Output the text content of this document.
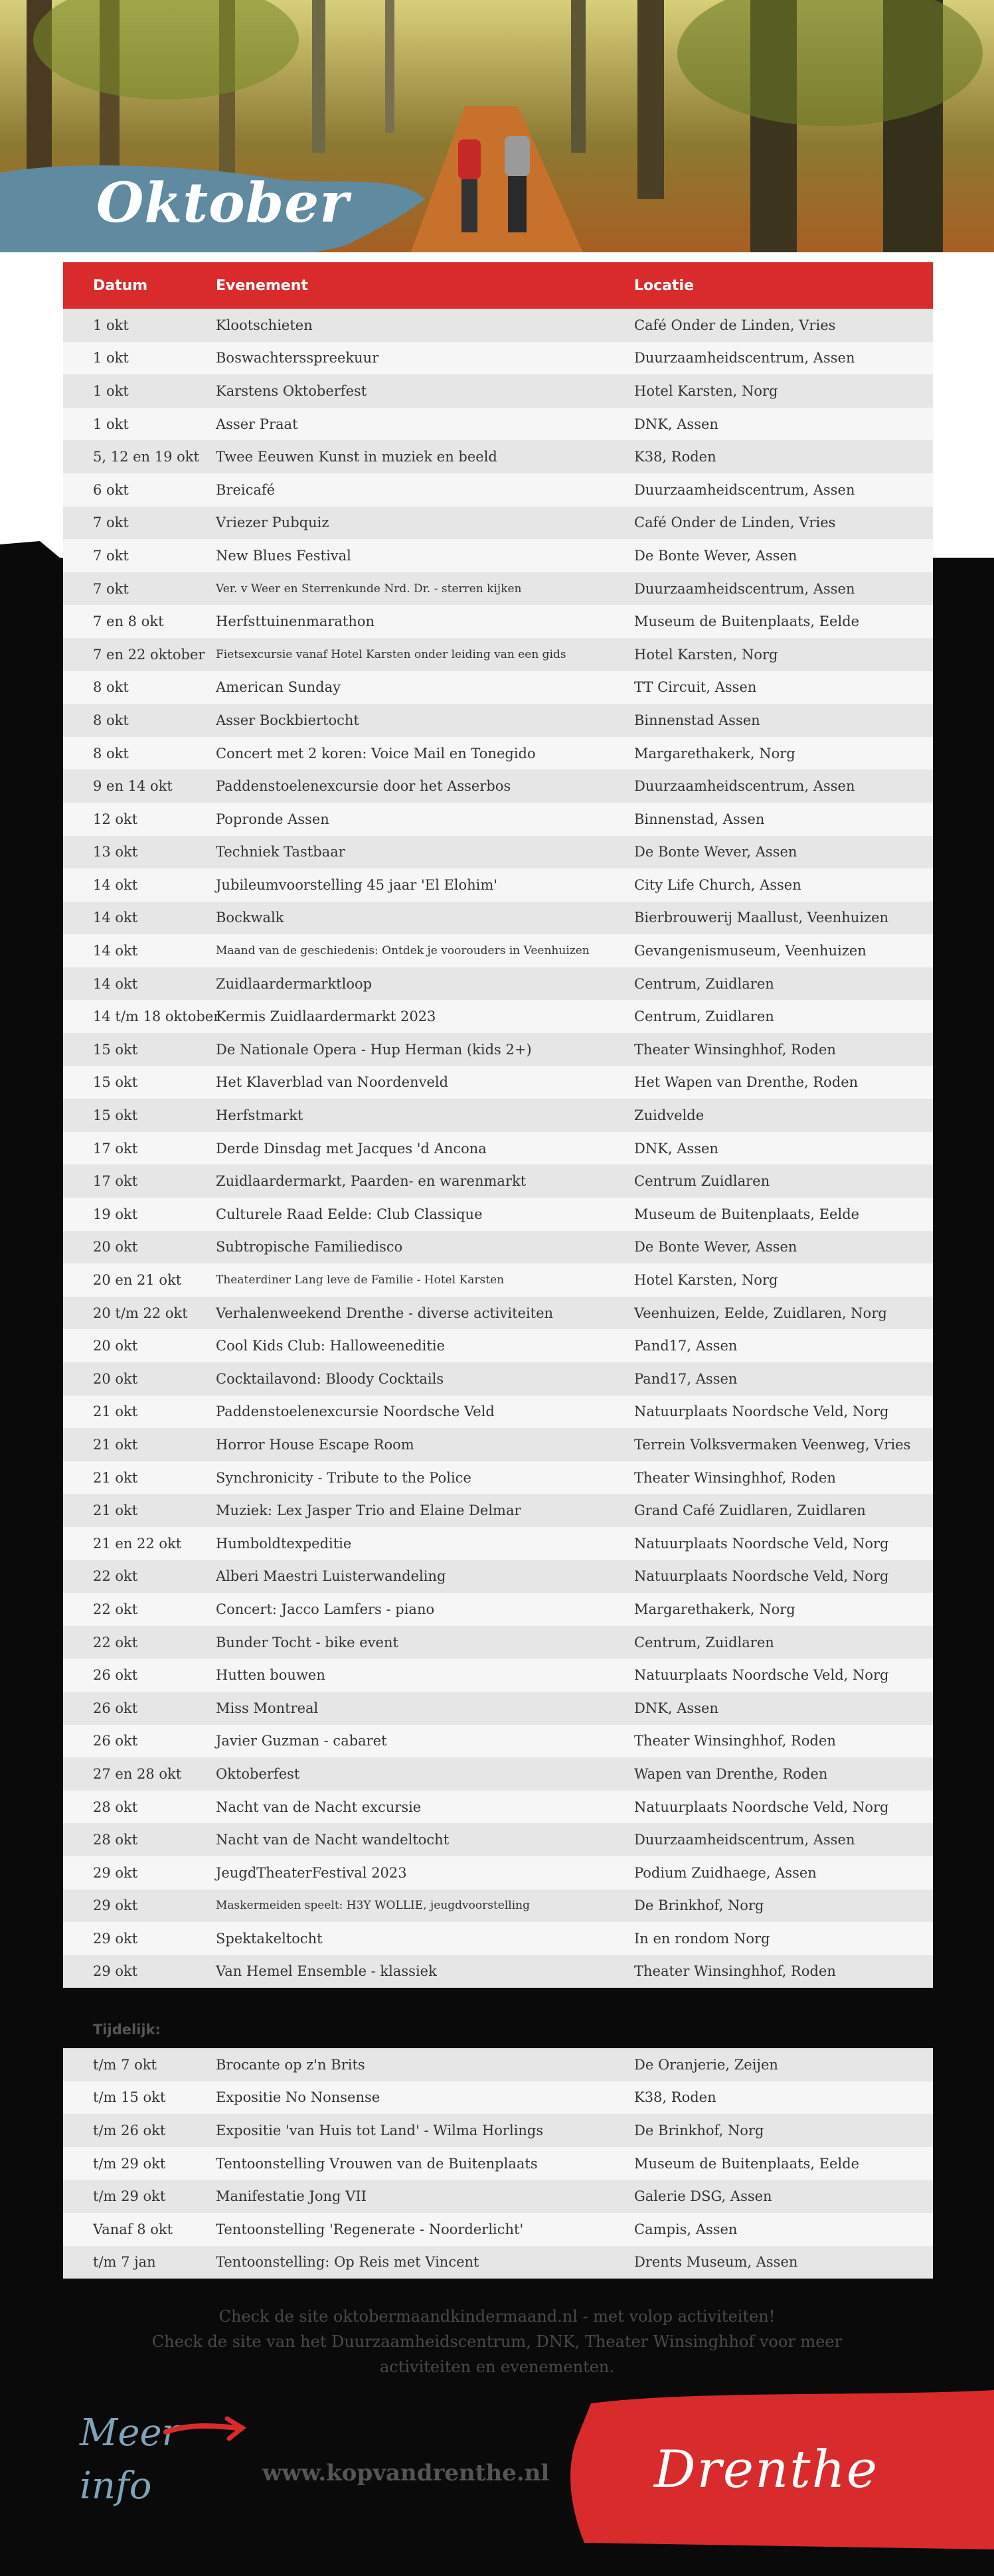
Oktober
Datum	Evenement	Locatie
1 okt	Klootschieten	Café Onder de Linden, Vries
1 okt	Boswachtersspreekuur	Duurzaamheidscentrum, Assen
1 okt	Karstens Oktoberfest	Hotel Karsten, Norg
1 okt	Asser Praat	DNK, Assen
5, 12 en 19 okt	Twee Eeuwen Kunst in muziek en beeld	K38, Roden
6 okt	Breicafé	Duurzaamheidscentrum, Assen
7 okt	Vriezer Pubquiz	Café Onder de Linden, Vries
7 okt	New Blues Festival	De Bonte Wever, Assen
7 okt	Ver. v Weer en Sterrenkunde Nrd. Dr. - sterren kijken	Duurzaamheidscentrum, Assen
7 en 8 okt	Herfsttuinenmarathon	Museum de Buitenplaats, Eelde
7 en 22 oktober	Fietsexcursie vanaf Hotel Karsten onder leiding van een gids	Hotel Karsten, Norg
8 okt	American Sunday	TT Circuit, Assen
8 okt	Asser Bockbiertocht	Binnenstad Assen
8 okt	Concert met 2 koren: Voice Mail en Tonegido	Margarethakerk, Norg
9 en 14 okt	Paddenstoelenexcursie door het Asserbos	Duurzaamheidscentrum, Assen
12 okt	Popronde Assen	Binnenstad, Assen
13 okt	Techniek Tastbaar	De Bonte Wever, Assen
14 okt	Jubileumvoorstelling 45 jaar 'El Elohim'	City Life Church, Assen
14 okt	Bockwalk	Bierbrouwerij Maallust, Veenhuizen
14 okt	Maand van de geschiedenis: Ontdek je voorouders in Veenhuizen	Gevangenismuseum, Veenhuizen
14 okt	Zuidlaardermarktloop	Centrum, Zuidlaren
14 t/m 18 oktober	Kermis Zuidlaardermarkt 2023	Centrum, Zuidlaren
15 okt	De Nationale Opera - Hup Herman (kids 2+)	Theater Winsinghhof, Roden
15 okt	Het Klaverblad van Noordenveld	Het Wapen van Drenthe, Roden
15 okt	Herfstmarkt	Zuidvelde
17 okt	Derde Dinsdag met Jacques 'd Ancona	DNK, Assen
17 okt	Zuidlaardermarkt, Paarden- en warenmarkt	Centrum Zuidlaren
19 okt	Culturele Raad Eelde: Club Classique	Museum de Buitenplaats, Eelde
20 okt	Subtropische Familiedisco	De Bonte Wever, Assen
20 en 21 okt	Theaterdiner Lang leve de Familie - Hotel Karsten	Hotel Karsten, Norg
20 t/m 22 okt	Verhalenweekend Drenthe - diverse activiteiten	Veenhuizen, Eelde, Zuidlaren, Norg
20 okt	Cool Kids Club: Halloweeneditie	Pand17, Assen
20 okt	Cocktailavond: Bloody Cocktails	Pand17, Assen
21 okt	Paddenstoelenexcursie Noordsche Veld	Natuurplaats Noordsche Veld, Norg
21 okt	Horror House Escape Room	Terrein Volksvermaken Veenweg, Vries
21 okt	Synchronicity - Tribute to the Police	Theater Winsinghhof, Roden
21 okt	Muziek: Lex Jasper Trio and Elaine Delmar	Grand Café Zuidlaren, Zuidlaren
21 en 22 okt	Humboldtexpeditie	Natuurplaats Noordsche Veld, Norg
22 okt	Alberi Maestri Luisterwandeling	Natuurplaats Noordsche Veld, Norg
22 okt	Concert: Jacco Lamfers - piano	Margarethakerk, Norg
22 okt	Bunder Tocht - bike event	Centrum, Zuidlaren
26 okt	Hutten bouwen	Natuurplaats Noordsche Veld, Norg
26 okt	Miss Montreal	DNK, Assen
26 okt	Javier Guzman - cabaret	Theater Winsinghhof, Roden
27 en 28 okt	Oktoberfest	Wapen van Drenthe, Roden
28 okt	Nacht van de Nacht excursie	Natuurplaats Noordsche Veld, Norg
28 okt	Nacht van de Nacht wandeltocht	Duurzaamheidscentrum, Assen
29 okt	JeugdTheaterFestival 2023	Podium Zuidhaege, Assen
29 okt	Maskermeiden speelt: H3Y WOLLIE, jeugdvoorstelling	De Brinkhof, Norg
29 okt	Spektakeltocht	In en rondom Norg
29 okt	Van Hemel Ensemble - klassiek	Theater Winsinghhof, Roden
Tijdelijk:
t/m 7 okt	Brocante op z'n Brits	De Oranjerie, Zeijen
t/m 15 okt	Expositie No Nonsense	K38, Roden
t/m 26 okt	Expositie 'van Huis tot Land' - Wilma Horlings	De Brinkhof, Norg
t/m 29 okt	Tentoonstelling Vrouwen van de Buitenplaats	Museum de Buitenplaats, Eelde
t/m 29 okt	Manifestatie Jong VII	Galerie DSG, Assen
Vanaf 8 okt	Tentoonstelling 'Regenerate - Noorderlicht'	Campis, Assen
t/m 7 jan	Tentoonstelling: Op Reis met Vincent	Drents Museum, Assen
Check de site oktobermaandkindermaand.nl - met volop activiteiten!
Check de site van het Duurzaamheidscentrum, DNK, Theater Winsinghhof voor meer
activiteiten en evenementen.
Meer
info	www.kopvandrenthe.nl Drenthe
